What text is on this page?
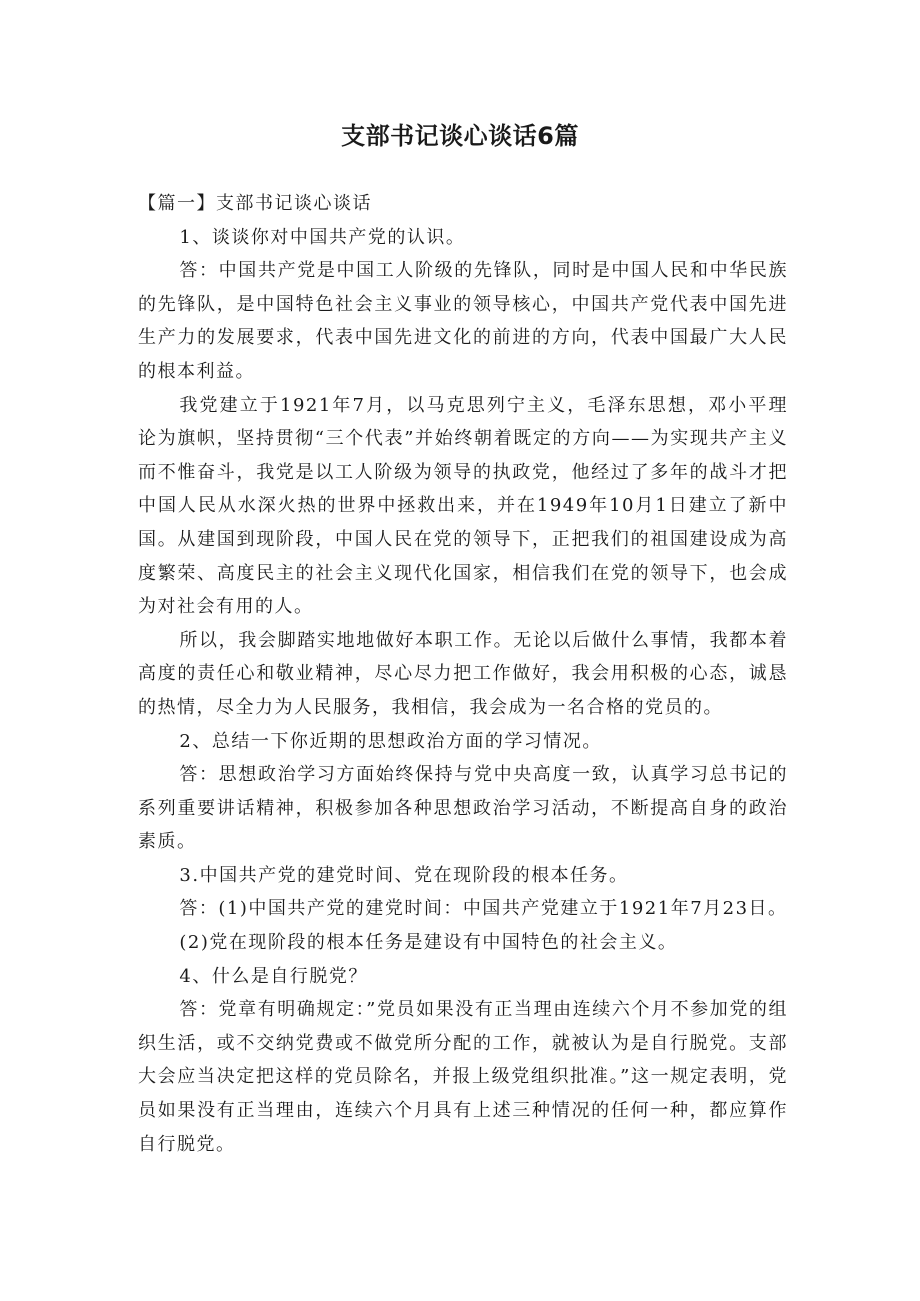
支部书记谈心谈话6篇

【篇一】支部书记谈心谈话

1、谈谈你对中国共产党的认识。

答：中国共产党是中国工人阶级的先锋队，同时是中国人民和中华民族的先锋队，是中国特色社会主义事业的领导核心，中国共产党代表中国先进生产力的发展要求，代表中国先进文化的前进的方向，代表中国最广大人民的根本利益。

我党建立于1921年7月，以马克思列宁主义，毛泽东思想，邓小平理论为旗帜，坚持贯彻“三个代表”并始终朝着既定的方向——为实现共产主义而不惟奋斗，我党是以工人阶级为领导的执政党，他经过了多年的战斗才把中国人民从水深火热的世界中拯救出来，并在1949年10月1日建立了新中国。从建国到现阶段，中国人民在党的领导下，正把我们的祖国建设成为高度繁荣、高度民主的社会主义现代化国家，相信我们在党的领导下，也会成为对社会有用的人。

所以，我会脚踏实地地做好本职工作。无论以后做什么事情，我都本着高度的责任心和敬业精神，尽心尽力把工作做好，我会用积极的心态，诚恳的热情，尽全力为人民服务，我相信，我会成为一名合格的党员的。

2、总结一下你近期的思想政治方面的学习情况。

答：思想政治学习方面始终保持与党中央高度一致，认真学习总书记的系列重要讲话精神，积极参加各种思想政治学习活动，不断提高自身的政治素质。

3.中国共产党的建党时间、党在现阶段的根本任务。

答：(1)中国共产党的建党时间：中国共产党建立于1921年7月23日。

(2)党在现阶段的根本任务是建设有中国特色的社会主义。

4、什么是自行脱党？

答：党章有明确规定：”党员如果没有正当理由连续六个月不参加党的组织生活，或不交纳党费或不做党所分配的工作，就被认为是自行脱党。支部大会应当决定把这样的党员除名，并报上级党组织批准。”这一规定表明，党员如果没有正当理由，连续六个月具有上述三种情况的任何一种，都应算作自行脱党。
